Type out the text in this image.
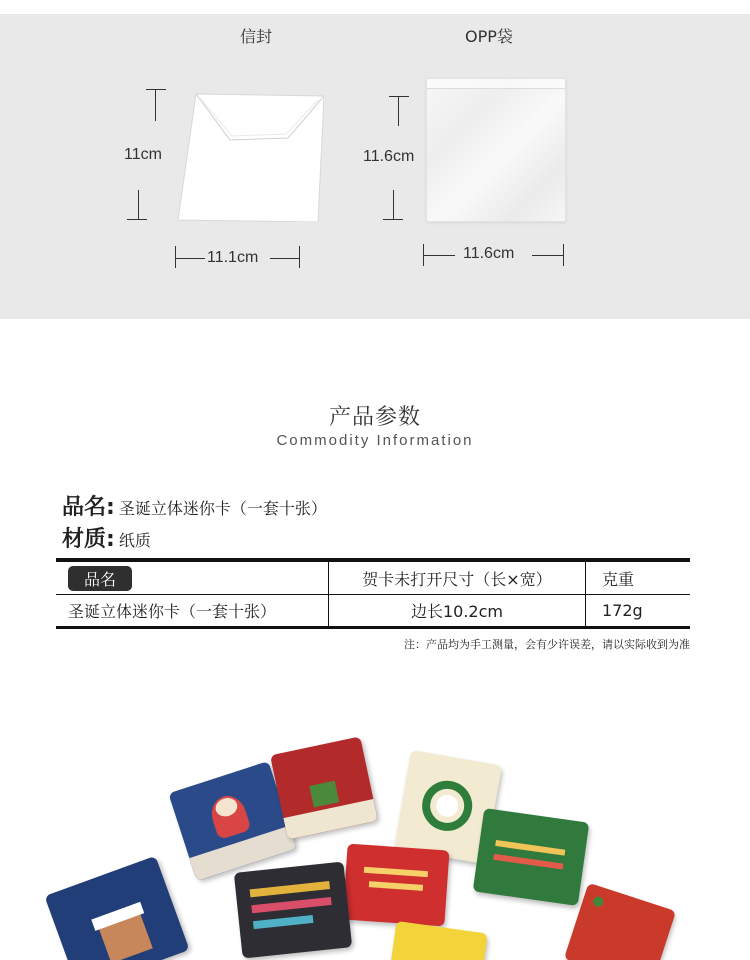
信封	OPP袋
11cm
11.1cm
11.6cm
11.6cm
产品参数
Commodity Information
品名: 圣诞立体迷你卡（一套十张）
材质: 纸质
品名	贺卡未打开尺寸（长×宽）	克重
圣诞立体迷你卡（一套十张）	边长10.2cm	172g
注：产品均为手工测量，会有少许误差，请以实际收到为准
